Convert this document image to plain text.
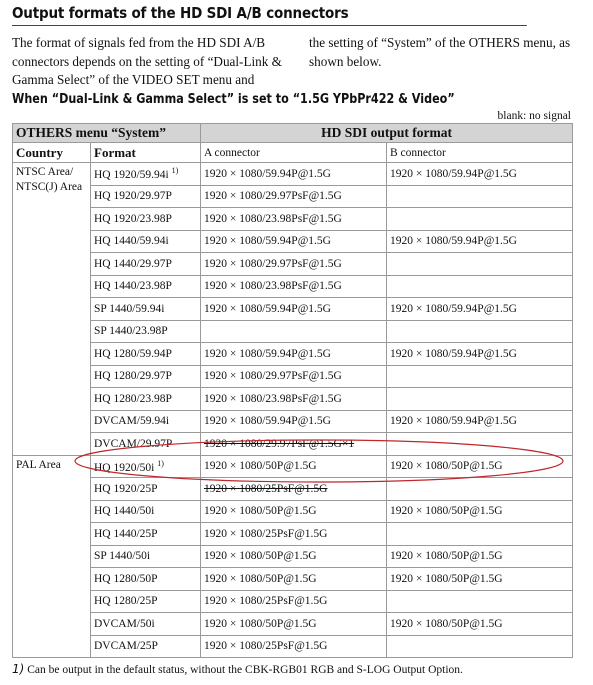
Output formats of the HD SDI A/B connectors
The format of signals fed from the HD SDI A/B connectors depends on the setting of “Dual-Link & Gamma Select” of the VIDEO SET menu and
the setting of “System” of the OTHERS menu, as shown below.
When “Dual-Link & Gamma Select” is set to “1.5G YPbPr422 & Video”
blank: no signal
OTHERS menu “System”		HD SDI output format	
Country	Format	A connector	B connector
NTSC Area/ NTSC(J) Area	HQ 1920/59.94i $^{1)}$	1920 × 1080/59.94P@1.5G	1920 × 1080/59.94P@1.5G
	HQ 1920/29.97P	1920 × 1080/29.97PsF@1.5G	
	HQ 1920/23.98P	1920 × 1080/23.98PsF@1.5G	
	HQ 1440/59.94i	1920 × 1080/59.94P@1.5G	1920 × 1080/59.94P@1.5G
	HQ 1440/29.97P	1920 × 1080/29.97PsF@1.5G	
	HQ 1440/23.98P	1920 × 1080/23.98PsF@1.5G	
	SP 1440/59.94i	1920 × 1080/59.94P@1.5G	1920 × 1080/59.94P@1.5G
	SP 1440/23.98P		
	HQ 1280/59.94P	1920 × 1080/59.94P@1.5G	1920 × 1080/59.94P@1.5G
	HQ 1280/29.97P	1920 × 1080/29.97PsF@1.5G	
	HQ 1280/23.98P	1920 × 1080/23.98PsF@1.5G	
	DVCAM/59.94i	1920 × 1080/59.94P@1.5G	1920 × 1080/59.94P@1.5G
	DVCAM/29.97P	1920 × 1080/29.97PsF@1.5G×1	
PAL Area	HQ 1920/50i $^{1)}$	1920 × 1080/50P@1.5G	1920 × 1080/50P@1.5G
	HQ 1920/25P	1920 × 1080/25PsF@1.5G	
	HQ 1440/50i	1920 × 1080/50P@1.5G	1920 × 1080/50P@1.5G
	HQ 1440/25P	1920 × 1080/25PsF@1.5G	
	SP 1440/50i	1920 × 1080/50P@1.5G	1920 × 1080/50P@1.5G
	HQ 1280/50P	1920 × 1080/50P@1.5G	1920 × 1080/50P@1.5G
	HQ 1280/25P	1920 × 1080/25PsF@1.5G	
	DVCAM/50i	1920 × 1080/50P@1.5G	1920 × 1080/50P@1.5G
	DVCAM/25P	1920 × 1080/25PsF@1.5G	
1) Can be output in the default status, without the CBK-RGB01 RGB and S-LOG Output Option.
